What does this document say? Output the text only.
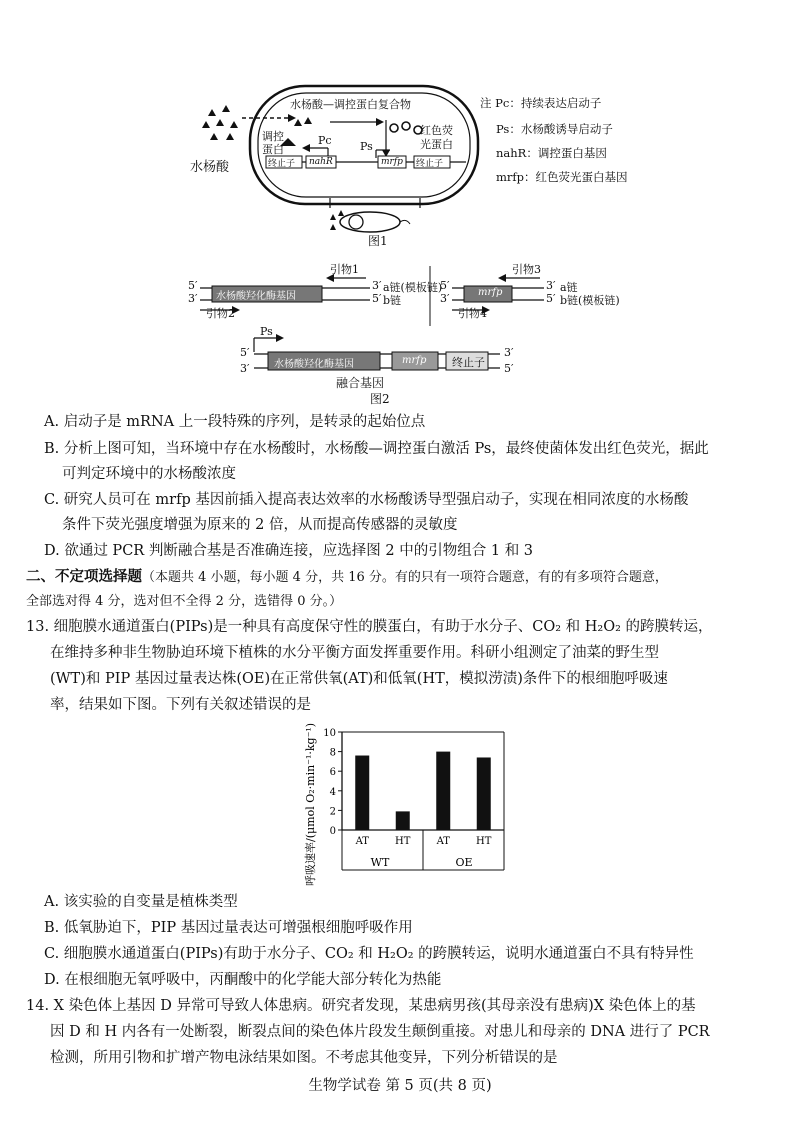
水杨酸—调控蛋白复合物
调控
蛋白
水杨酸
Pc	Ps
终止子 nahR	mrfp 终止子
红色荧
光蛋白
图1
注 Pc：持续表达启动子
Ps：水杨酸诱导启动子
nahR：调控蛋白基因
mrfp：红色荧光蛋白基因
5′
3′
3′
5′
水杨酸羟化酶基因
引物1
引物2
a链(模板链)
b链
5′
3′
3′
5′
mrfp
引物3
引物4
a链
b链(模板链)
Ps
5′
3′
3′
5′
水杨酸羟化酶基因	mrfp 终止子
融合基因
图2
A. 启动子是 mRNA 上一段特殊的序列，是转录的起始位点
B. 分析上图可知，当环境中存在水杨酸时，水杨酸—调控蛋白激活 Ps，最终使菌体发出红色荧光，据此
可判定环境中的水杨酸浓度
C. 研究人员可在 mrfp 基因前插入提高表达效率的水杨酸诱导型强启动子，实现在相同浓度的水杨酸
条件下荧光强度增强为原来的 2 倍，从而提高传感器的灵敏度
D. 欲通过 PCR 判断融合基是否准确连接，应选择图 2 中的引物组合 1 和 3
二、不定项选择题（本题共 4 小题，每小题 4 分，共 16 分。有的只有一项符合题意，有的有多项符合题意，
全部选对得 4 分，选对但不全得 2 分，选错得 0 分。）
13. 细胞膜水通道蛋白(PIPs)是一种具有高度保守性的膜蛋白，有助于水分子、CO₂ 和 H₂O₂ 的跨膜转运，
在维持多种非生物胁迫环境下植株的水分平衡方面发挥重要作用。科研小组测定了油菜的野生型
(WT)和 PIP 基因过量表达株(OE)在正常供氧(AT)和低氧(HT，模拟涝渍)条件下的根细胞呼吸速
率，结果如下图。下列有关叙述错误的是
0
2
4
6
8
10
AT	HT	AT	HT
WT	OE
呼吸速率/(μmol O₂·min⁻¹·kg⁻¹)
A. 该实验的自变量是植株类型
B. 低氧胁迫下，PIP 基因过量表达可增强根细胞呼吸作用
C. 细胞膜水通道蛋白(PIPs)有助于水分子、CO₂ 和 H₂O₂ 的跨膜转运，说明水通道蛋白不具有特异性
D. 在根细胞无氧呼吸中，丙酮酸中的化学能大部分转化为热能
14. X 染色体上基因 D 异常可导致人体患病。研究者发现，某患病男孩(其母亲没有患病)X 染色体上的基
因 D 和 H 内各有一处断裂，断裂点间的染色体片段发生颠倒重接。对患儿和母亲的 DNA 进行了 PCR
检测，所用引物和扩增产物电泳结果如图。不考虑其他变异，下列分析错误的是
生物学试卷 第 5 页(共 8 页)
